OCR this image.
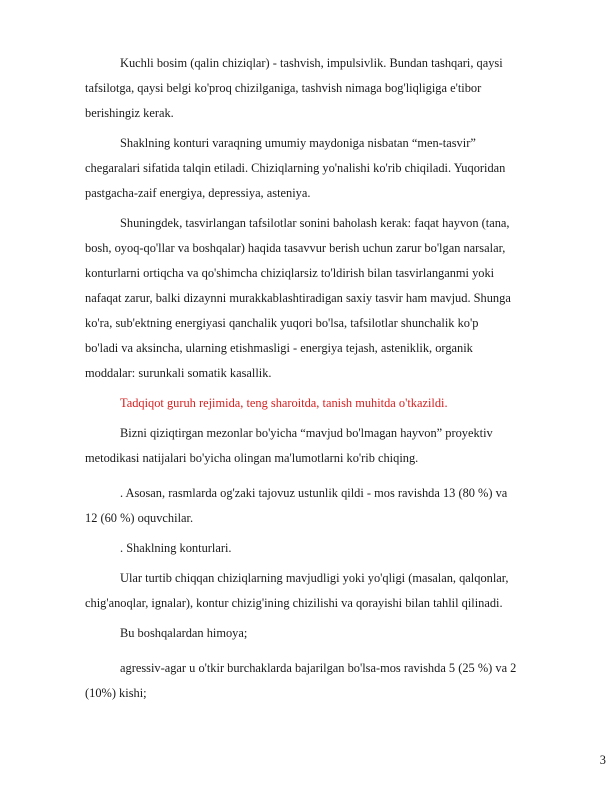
Kuchli bosim (qalin chiziqlar) - tashvish, impulsivlik. Bundan tashqari, qaysi
tafsilotga, qaysi belgi ko'proq chizilganiga, tashvish nimaga bog'liqligiga e'tibor
berishingiz kerak.
Shaklning konturi varaqning umumiy maydoniga nisbatan “men-tasvir”
chegaralari sifatida talqin etiladi. Chiziqlarning yo'nalishi ko'rib chiqiladi. Yuqoridan
pastgacha-zaif energiya, depressiya, asteniya.
Shuningdek, tasvirlangan tafsilotlar sonini baholash kerak: faqat hayvon (tana,
bosh, oyoq-qo'llar va boshqalar) haqida tasavvur berish uchun zarur bo'lgan narsalar,
konturlarni ortiqcha va qo'shimcha chiziqlarsiz to'ldirish bilan tasvirlanganmi yoki
nafaqat zarur, balki dizaynni murakkablashtiradigan saxiy tasvir ham mavjud. Shunga
ko'ra, sub'ektning energiyasi qanchalik yuqori bo'lsa, tafsilotlar shunchalik ko'p
bo'ladi va aksincha, ularning etishmasligi - energiya tejash, asteniklik, organik
moddalar: surunkali somatik kasallik.
Tadqiqot guruh rejimida, teng sharoitda, tanish muhitda o'tkazildi.
Bizni qiziqtirgan mezonlar bo'yicha “mavjud bo'lmagan hayvon” proyektiv
metodikasi natijalari bo'yicha olingan ma'lumotlarni ko'rib chiqing.
. Asosan, rasmlarda og'zaki tajovuz ustunlik qildi - mos ravishda 13 (80 %) va
12 (60 %) oquvchilar.
. Shaklning konturlari.
Ular turtib chiqqan chiziqlarning mavjudligi yoki yo'qligi (masalan, qalqonlar,
chig'anoqlar, ignalar), kontur chizig'ining chizilishi va qorayishi bilan tahlil qilinadi.
Bu boshqalardan himoya;
agressiv-agar u o'tkir burchaklarda bajarilgan bo'lsa-mos ravishda 5 (25 %) va 2
(10%) kishi;
3
